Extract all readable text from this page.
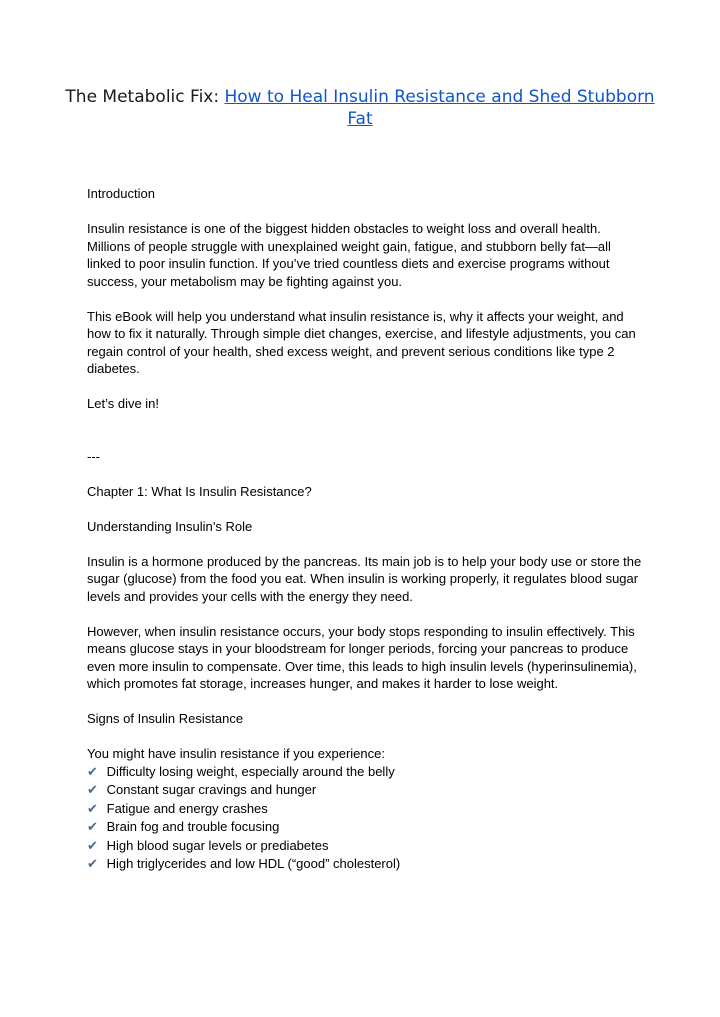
The Metabolic Fix: How to Heal Insulin Resistance and Shed Stubborn Fat

Introduction

Insulin resistance is one of the biggest hidden obstacles to weight loss and overall health. Millions of people struggle with unexplained weight gain, fatigue, and stubborn belly fat—all linked to poor insulin function. If you’ve tried countless diets and exercise programs without success, your metabolism may be fighting against you.

This eBook will help you understand what insulin resistance is, why it affects your weight, and how to fix it naturally. Through simple diet changes, exercise, and lifestyle adjustments, you can regain control of your health, shed excess weight, and prevent serious conditions like type 2 diabetes.

Let’s dive in!

---

Chapter 1: What Is Insulin Resistance?

Understanding Insulin’s Role

Insulin is a hormone produced by the pancreas. Its main job is to help your body use or store the sugar (glucose) from the food you eat. When insulin is working properly, it regulates blood sugar levels and provides your cells with the energy they need.

However, when insulin resistance occurs, your body stops responding to insulin effectively. This means glucose stays in your bloodstream for longer periods, forcing your pancreas to produce even more insulin to compensate. Over time, this leads to high insulin levels (hyperinsulinemia), which promotes fat storage, increases hunger, and makes it harder to lose weight.

Signs of Insulin Resistance

You might have insulin resistance if you experience:

✔ Difficulty losing weight, especially around the belly
✔ Constant sugar cravings and hunger
✔ Fatigue and energy crashes
✔ Brain fog and trouble focusing
✔ High blood sugar levels or prediabetes
✔ High triglycerides and low HDL (“good” cholesterol)
